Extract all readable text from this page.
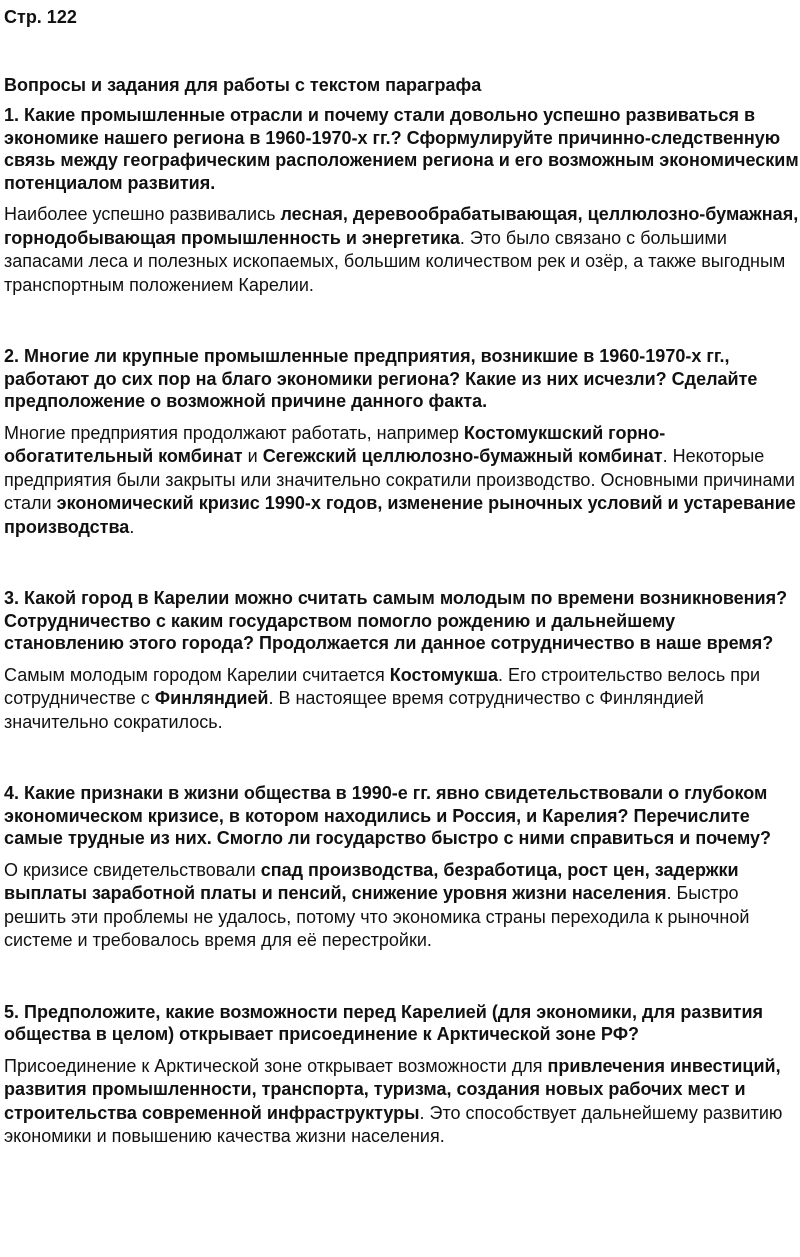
Стр. 122
Вопросы и задания для работы с текстом параграфа

1. Какие промышленные отрасли и почему стали довольно успешно развиваться в экономике нашего региона в 1960-1970-х гг.? Сформулируйте причинно-следственную связь между географическим расположением региона и его возможным экономическим потенциалом развития.

Наиболее успешно развивались лесная, деревообрабатывающая, целлюлозно-бумажная, горнодобывающая промышленность и энергетика. Это было связано с большими запасами леса и полезных ископаемых, большим количеством рек и озёр, а также выгодным транспортным положением Карелии.

2. Многие ли крупные промышленные предприятия, возникшие в 1960-1970-х гг., работают до сих пор на благо экономики региона? Какие из них исчезли? Сделайте предположение о возможной причине данного факта.

Многие предприятия продолжают работать, например Костомукшский горно-обогатительный комбинат и Сегежский целлюлозно-бумажный комбинат. Некоторые предприятия были закрыты или значительно сократили производство. Основными причинами стали экономический кризис 1990-х годов, изменение рыночных условий и устаревание производства.

3. Какой город в Карелии можно считать самым молодым по времени возникновения? Сотрудничество с каким государством помогло рождению и дальнейшему становлению этого города? Продолжается ли данное сотрудничество в наше время?

Самым молодым городом Карелии считается Костомукша. Его строительство велось при сотрудничестве с Финляндией. В настоящее время сотрудничество с Финляндией значительно сократилось.

4. Какие признаки в жизни общества в 1990-е гг. явно свидетельствовали о глубоком экономическом кризисе, в котором находились и Россия, и Карелия? Перечислите самые трудные из них. Смогло ли государство быстро с ними справиться и почему?

О кризисе свидетельствовали спад производства, безработица, рост цен, задержки выплаты заработной платы и пенсий, снижение уровня жизни населения. Быстро решить эти проблемы не удалось, потому что экономика страны переходила к рыночной системе и требовалось время для её перестройки.

5. Предположите, какие возможности перед Карелией (для экономики, для развития общества в целом) открывает присоединение к Арктической зоне РФ?

Присоединение к Арктической зоне открывает возможности для привлечения инвестиций, развития промышленности, транспорта, туризма, создания новых рабочих мест и строительства современной инфраструктуры. Это способствует дальнейшему развитию экономики и повышению качества жизни населения.
